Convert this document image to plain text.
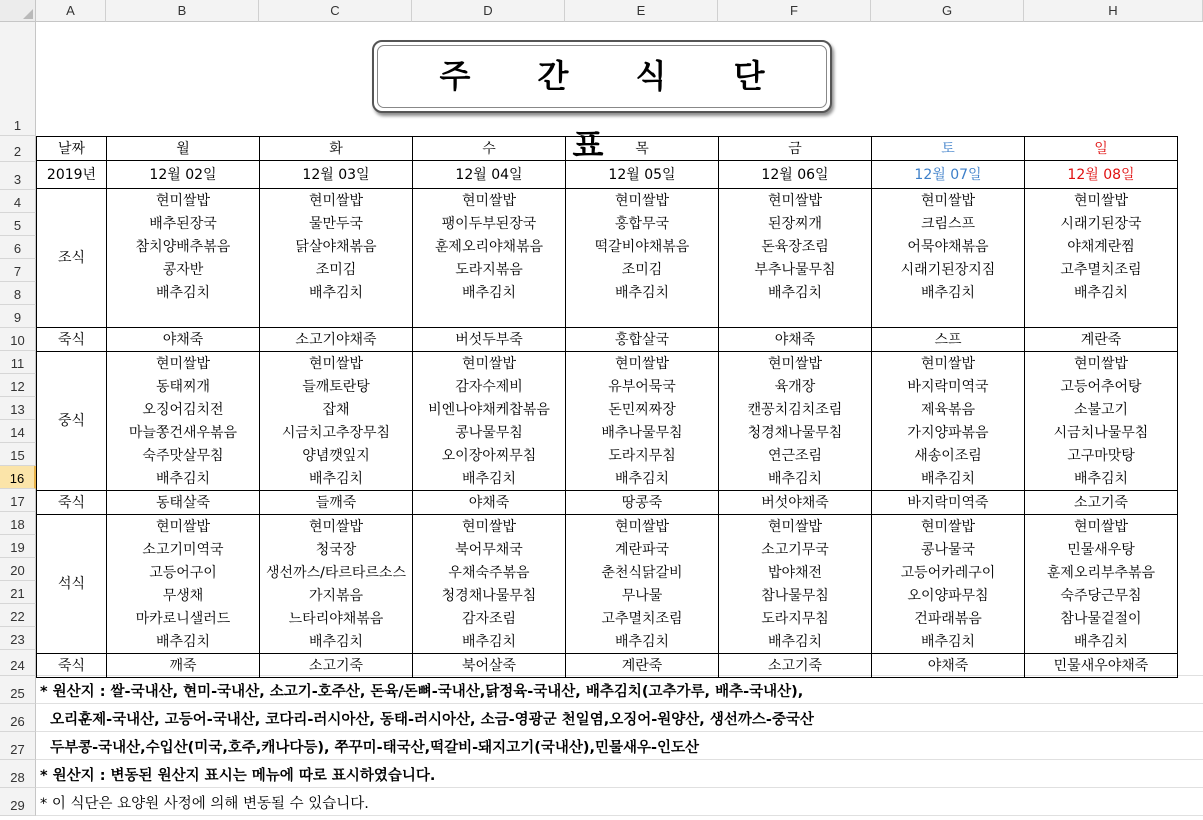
A	B	C	D	E	F	G	H
1
2
3
4
5
6
7
8
9
10
11
12
13
14
15
16
17
18
19
20
21
22
23
24
25
26
27
28
29
주 간 식 단 표
날짜	월	화	수	목	금	토	일
2019년	12월 02일	12월 03일	12월 04일	12월 05일	12월 06일	12월 07일	12월 08일
조식	현미쌀밥	현미쌀밥	현미쌀밥	현미쌀밥	현미쌀밥	현미쌀밥	현미쌀밥
	배추된장국	물만두국	팽이두부된장국	홍합무국	된장찌개	크림스프	시래기된장국
	참치양배추볶음	닭살야채볶음	훈제오리야채볶음	떡갈비야채볶음	돈육장조림	어묵야채볶음	야채계란찜
	콩자반	조미김	도라지볶음	조미김	부추나물무침	시래기된장지짐	고추멸치조림
	배추김치	배추김치	배추김치	배추김치	배추김치	배추김치	배추김치

죽식	야채죽	소고기야채죽	버섯두부죽	홍합살국	야채죽	스프	계란죽
중식	현미쌀밥	현미쌀밥	현미쌀밥	현미쌀밥	현미쌀밥	현미쌀밥	현미쌀밥
	동태찌개	들깨토란탕	감자수제비	유부어묵국	육개장	바지락미역국	고등어추어탕
	오징어김치전	잡채	비엔나야채케찹볶음	돈민찌짜장	캔꽁치김치조림	제육볶음	소불고기
	마늘쫑건새우볶음	시금치고추장무침	콩나물무침	배추나물무침	청경채나물무침	가지양파볶음	시금치나물무침
	숙주맛살무침	양념깻잎지	오이장아찌무침	도라지무침	연근조림	새송이조림	고구마맛탕
	배추김치	배추김치	배추김치	배추김치	배추김치	배추김치	배추김치
죽식	동태살죽	들깨죽	야채죽	땅콩죽	버섯야채죽	바지락미역죽	소고기죽
석식	현미쌀밥	현미쌀밥	현미쌀밥	현미쌀밥	현미쌀밥	현미쌀밥	현미쌀밥
	소고기미역국	청국장	북어무채국	계란파국	소고기무국	콩나물국	민물새우탕
	고등어구이	생선까스/타르타르소스	우채숙주볶음	춘천식닭갈비	밥야채전	고등어카레구이	훈제오리부추볶음
	무생채	가지볶음	청경채나물무침	무나물	참나물무침	오이양파무침	숙주당근무침
	마카로니샐러드	느타리야채볶음	감자조림	고추멸치조림	도라지무침	건파래볶음	참나물겉절이
	배추김치	배추김치	배추김치	배추김치	배추김치	배추김치	배추김치
죽식	깨죽	소고기죽	북어살죽	계란죽	소고기죽	야채죽	민물새우야채죽
* 원산지 : 쌀-국내산, 현미-국내산, 소고기-호주산, 돈육/돈뼈-국내산,닭정육-국내산, 배추김치(고추가루, 배추-국내산),
오리훈제-국내산, 고등어-국내산, 코다리-러시아산, 동태-러시아산, 소금-영광군 천일염,오징어-원양산, 생선까스-중국산
두부콩-국내산,수입산(미국,호주,캐나다등), 쭈꾸미-태국산,떡갈비-돼지고기(국내산),민물새우-인도산
* 원산지 : 변동된 원산지 표시는 메뉴에 따로 표시하였습니다.
* 이 식단은 요양원 사정에 의해 변동될 수 있습니다.
